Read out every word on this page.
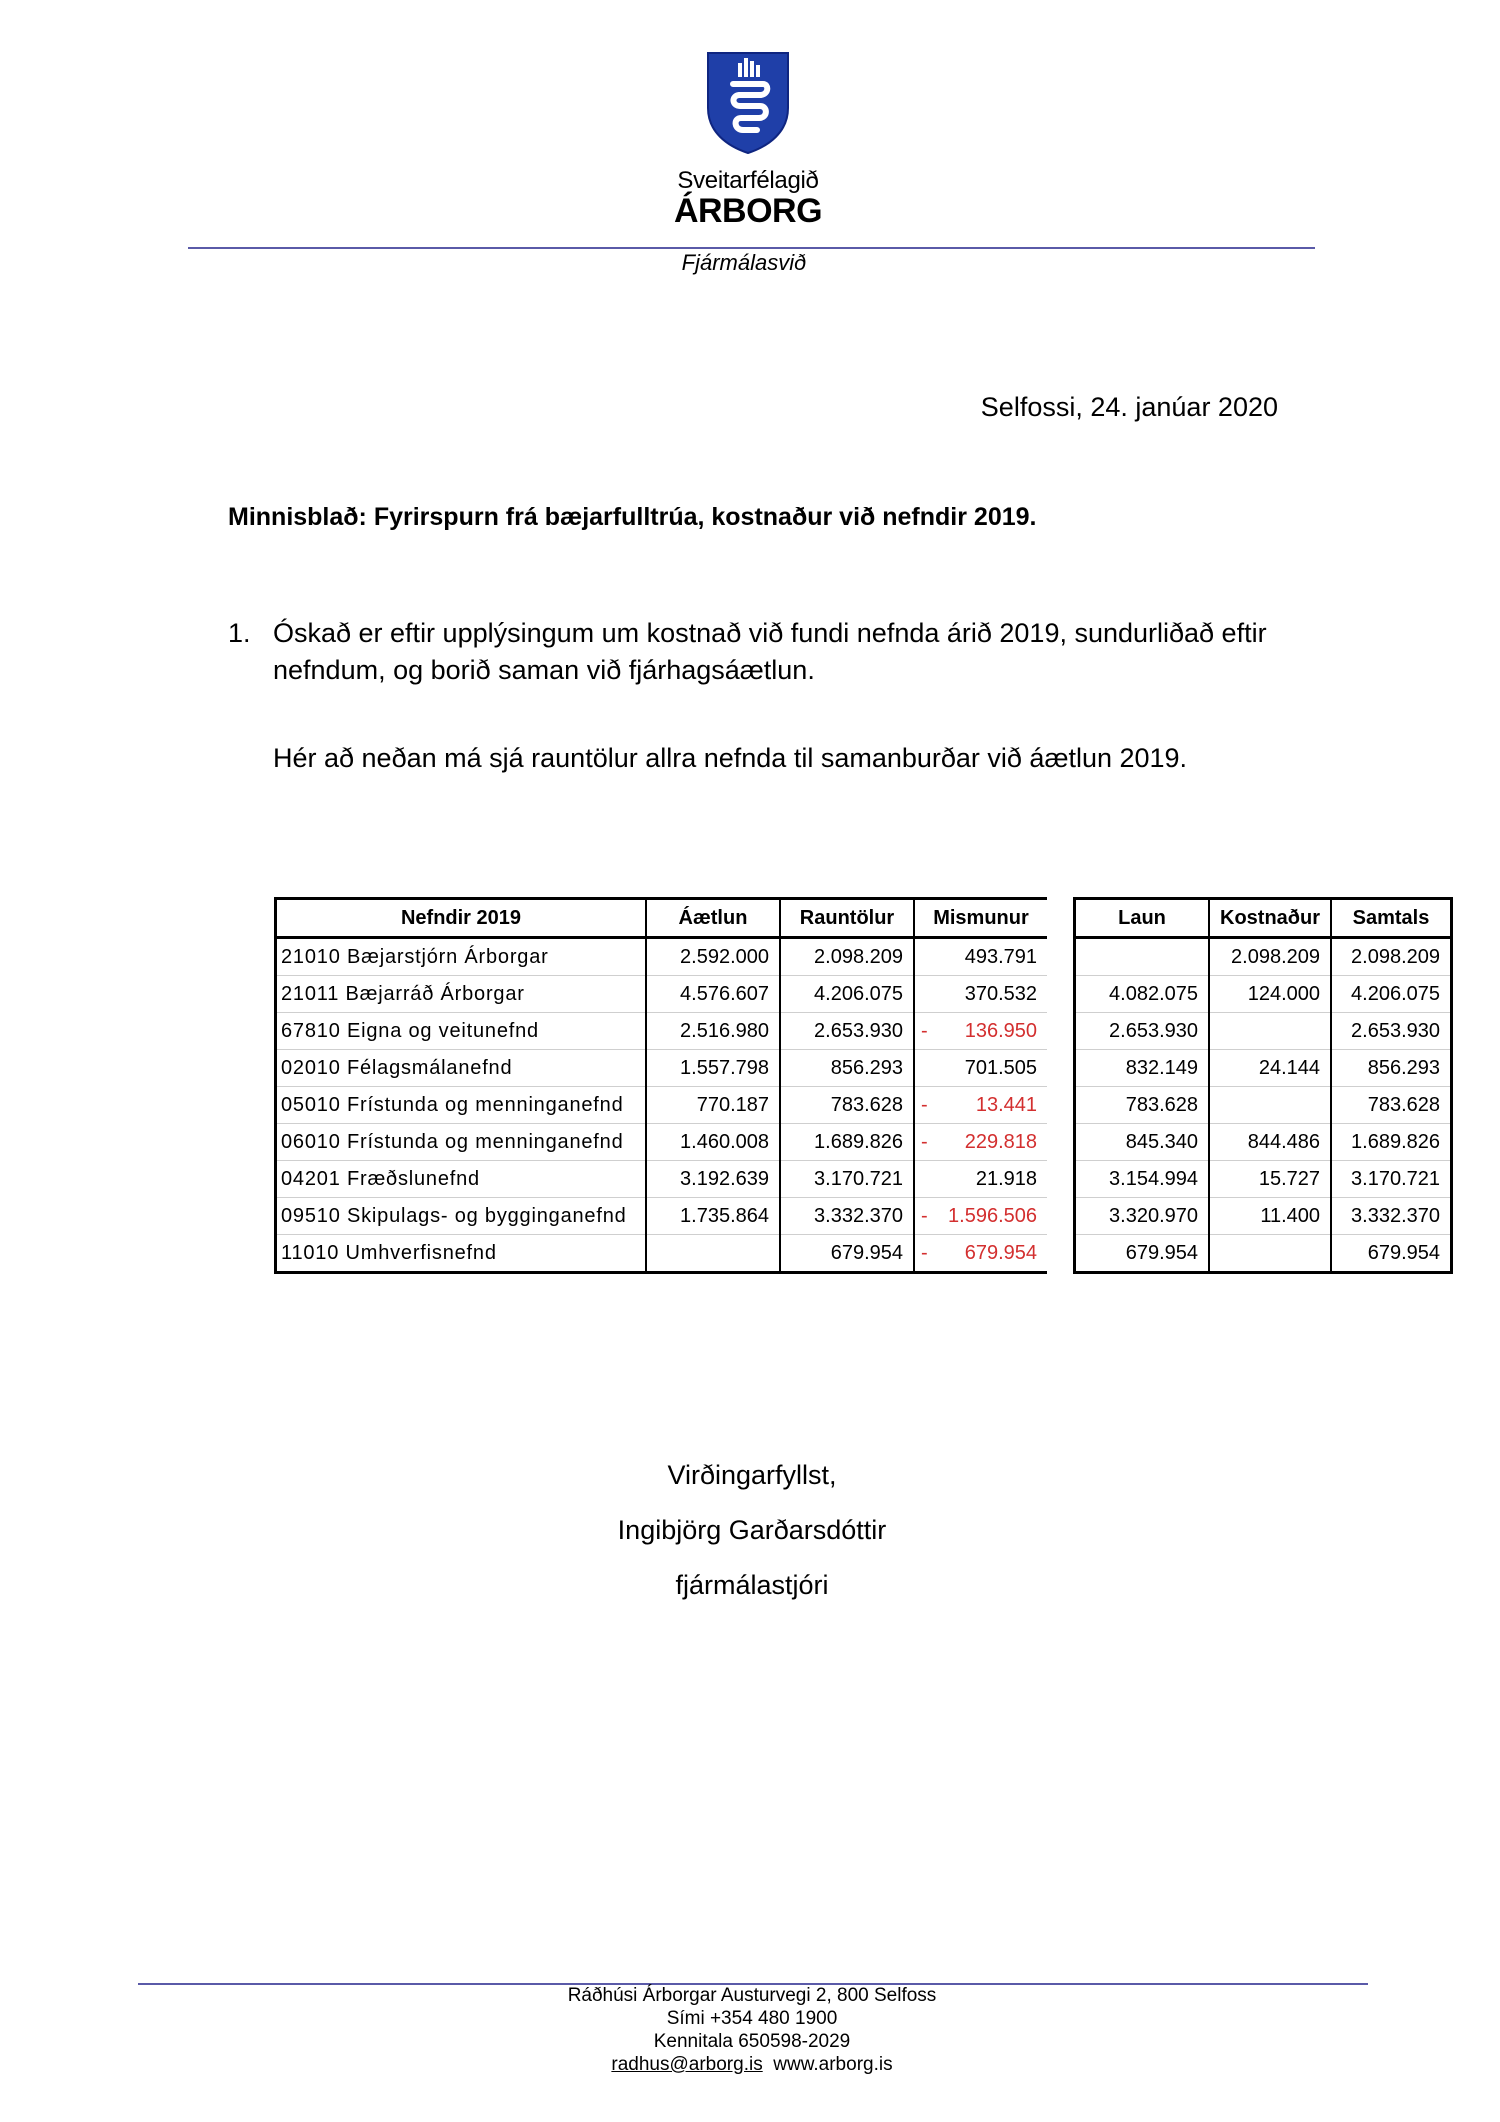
Sveitarfélagið
ÁRBORG
Fjármálasvið
Selfossi, 24. janúar 2020
Minnisblað: Fyrirspurn frá bæjarfulltrúa, kostnaður við nefndir 2019.
1. Óskað er eftir upplýsingum um kostnað við fundi nefnda árið 2019, sundurliðað eftir nefndum, og borið saman við fjárhagsáætlun.
Hér að neðan má sjá rauntölur allra nefnda til samanburðar við áætlun 2019.
Nefndir 2019	Áætlun	Rauntölur	Mismunur		Laun	Kostnaður	Samtals
21010 Bæjarstjórn Árborgar	2.592.000	2.098.209	493.791			2.098.209	2.098.209
21011 Bæjarráð Árborgar	4.576.607	4.206.075	370.532		4.082.075	124.000	4.206.075
67810 Eigna og veitunefnd	2.516.980	2.653.930	- 136.950		2.653.930		2.653.930
02010 Félagsmálanefnd	1.557.798	856.293	701.505		832.149	24.144	856.293
05010 Frístunda og menninganefnd	770.187	783.628	- 13.441		783.628		783.628
06010 Frístunda og menninganefnd	1.460.008	1.689.826	- 229.818		845.340	844.486	1.689.826
04201 Fræðslunefnd	3.192.639	3.170.721	21.918		3.154.994	15.727	3.170.721
09510 Skipulags- og bygginganefnd	1.735.864	3.332.370	- 1.596.506		3.320.970	11.400	3.332.370
11010 Umhverfisnefnd		679.954	- 679.954		679.954		679.954
Virðingarfyllst,
Ingibjörg Garðarsdóttir
fjármálastjóri
Ráðhúsi Árborgar Austurvegi 2, 800 Selfoss
Sími +354 480 1900
Kennitala 650598-2029
radhus@arborg.is www.arborg.is
